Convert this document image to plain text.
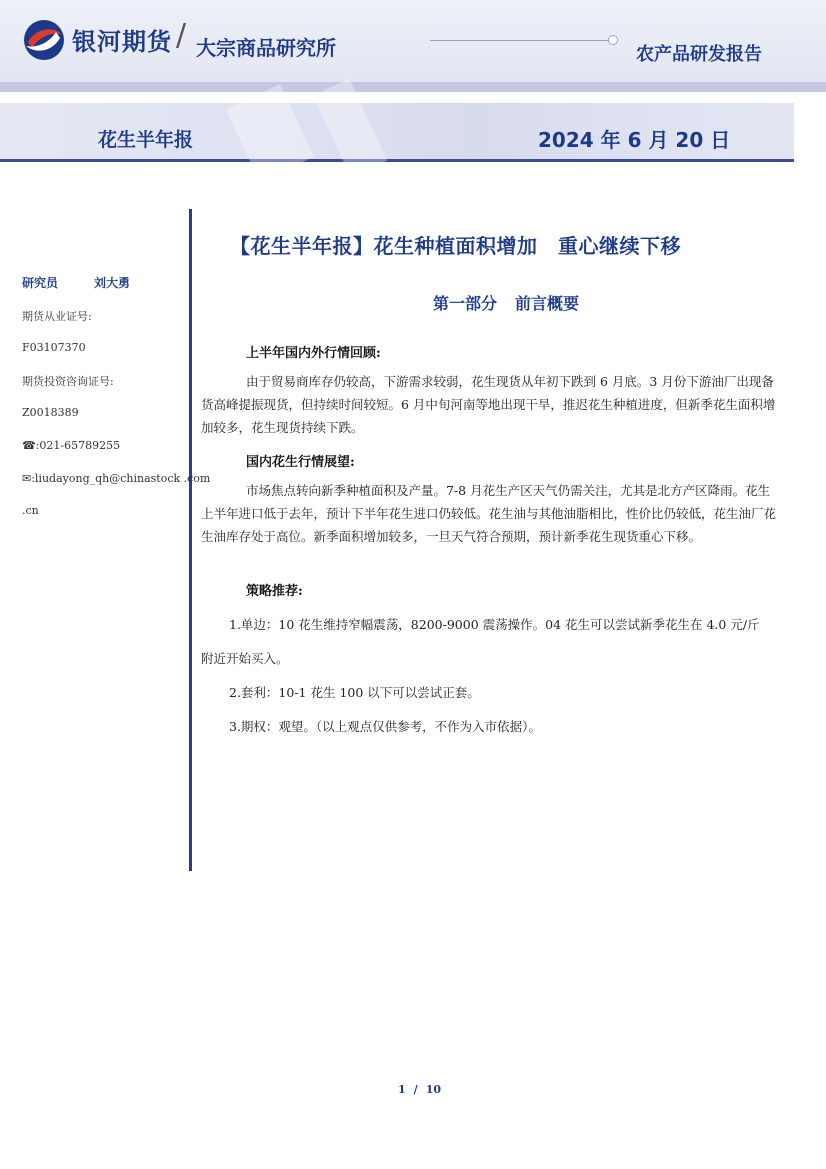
银河期货 / 大宗商品研究所	农产品研发报告
花生半年报	2024 年 6 月 20 日
研究员	刘大勇
期货从业证号:
F03107370
期货投资咨询证号:
Z0018389
☎:021-65789255
✉:liudayong_qh@chinastock .com
.cn
【花生半年报】花生种植面积增加　重心继续下移
第一部分 前言概要
上半年国内外行情回顾:
由于贸易商库存仍较高，下游需求较弱，花生现货从年初下跌到 6 月底。3 月份下游油厂出现备货高峰提振现货，但持续时间较短。6 月中旬河南等地出现干旱，推迟花生种植进度，但新季花生面积增加较多，花生现货持续下跌。
国内花生行情展望:
市场焦点转向新季种植面积及产量。7-8 月花生产区天气仍需关注，尤其是北方产区降雨。花生上半年进口低于去年，预计下半年花生进口仍较低。花生油与其他油脂相比，性价比仍较低，花生油厂花生油库存处于高位。新季面积增加较多，一旦天气符合预期，预计新季花生现货重心下移。
策略推荐:
1.单边：10 花生维持窄幅震荡，8200-9000 震荡操作。04 花生可以尝试新季花生在 4.0 元/斤附近开始买入。
2.套利：10-1 花生 100 以下可以尝试正套。
3.期权：观望。（以上观点仅供参考，不作为入市依据）。
1 / 10
